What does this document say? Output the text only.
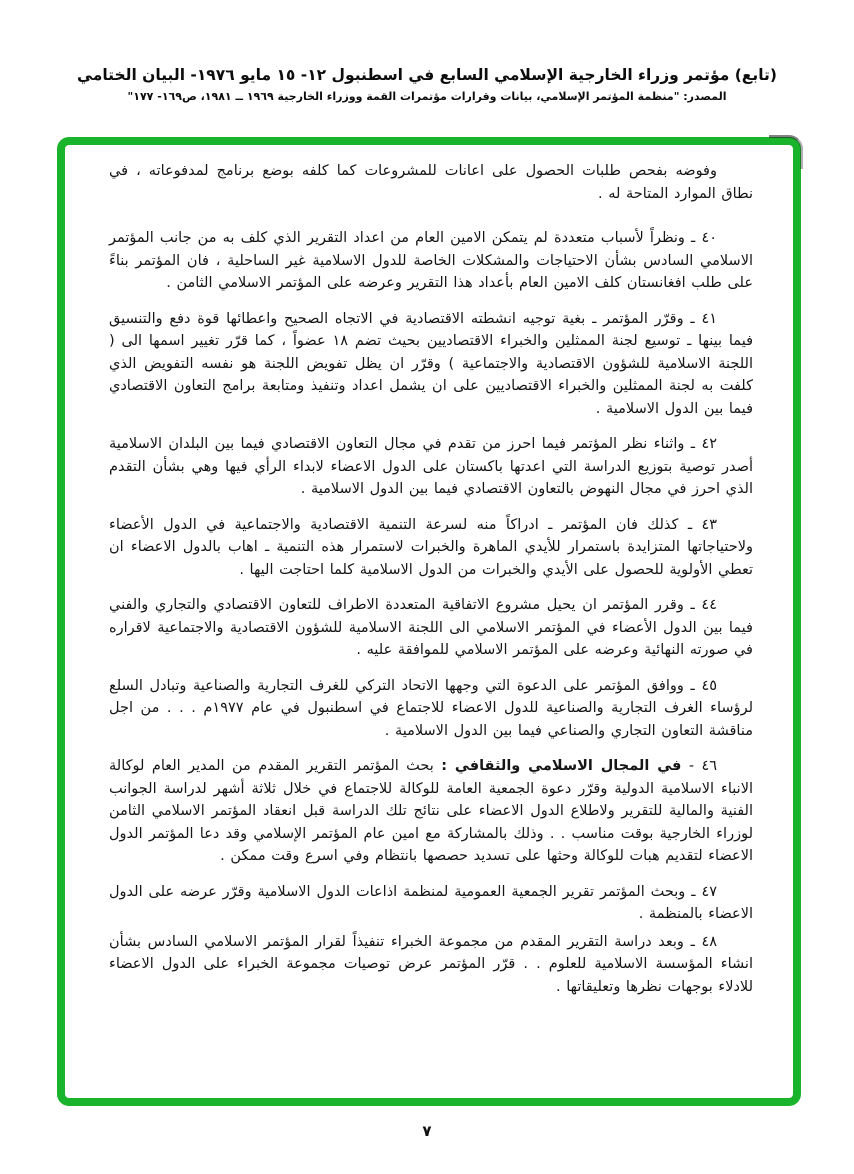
(تابع) مؤتمر وزراء الخارجية الإسلامي السابع في اسطنبول ١٢- ١٥ مايو ١٩٧٦- البيان الختامي
المصدر: "منظمة المؤتمر الإسلامي، بيانات وقرارات مؤتمرات القمة ووزراء الخارجية ١٩٦٩ ــ ١٩٨١، ص١٦٩- ١٧٧"

وفوضه بفحص طلبات الحصول على اعانات للمشروعات كما كلفه بوضع برنامج لمدفوعاته ، في نطاق الموارد المتاحة له .

٤٠ ـ ونظراً لأسباب متعددة لم يتمكن الامين العام من اعداد التقرير الذي كلف به من جانب المؤتمر الاسلامي السادس بشأن الاحتياجات والمشكلات الخاصة للدول الاسلامية غير الساحلية ، فان المؤتمر بناءً على طلب افغانستان كلف الامين العام بأعداد هذا التقرير وعرضه على المؤتمر الاسلامي الثامن .

٤١ ـ وقرّر المؤتمر ـ بغية توجيه انشطته الاقتصادية في الاتجاه الصحيح واعطائها قوة دفع والتنسيق فيما بينها ـ توسيع لجنة الممثلين والخبراء الاقتصاديين بحيث تضم ١٨ عضواً ، كما قرّر تغيير اسمها الى ( اللجنة الاسلامية للشؤون الاقتصادية والاجتماعية ) وقرّر ان يظل تفويض اللجنة هو نفسه التفويض الذي كلفت به لجنة الممثلين والخبراء الاقتصاديين على ان يشمل اعداد وتنفيذ ومتابعة برامج التعاون الاقتصادي فيما بين الدول الاسلامية .

٤٢ ـ واثناء نظر المؤتمر فيما احرز من تقدم في مجال التعاون الاقتصادي فيما بين البلدان الاسلامية أصدر توصية بتوزيع الدراسة التي اعدتها باكستان على الدول الاعضاء لابداء الرأي فيها وهي بشأن التقدم الذي احرز في مجال النهوض بالتعاون الاقتصادي فيما بين الدول الاسلامية .

٤٣ ـ كذلك فان المؤتمر ـ ادراكاً منه لسرعة التنمية الاقتصادية والاجتماعية في الدول الأعضاء ولاحتياجاتها المتزايدة باستمرار للأيدي الماهرة والخبرات لاستمرار هذه التنمية ـ اهاب بالدول الاعضاء ان تعطي الأولوية للحصول على الأيدي والخبرات من الدول الاسلامية كلما احتاجت اليها .

٤٤ ـ وقرر المؤتمر ان يحيل مشروع الاتفاقية المتعددة الاطراف للتعاون الاقتصادي والتجاري والفني فيما بين الدول الأعضاء في المؤتمر الاسلامي الى اللجنة الاسلامية للشؤون الاقتصادية والاجتماعية لاقراره في صورته النهائية وعرضه على المؤتمر الاسلامي للموافقة عليه .

٤٥ ـ ووافق المؤتمر على الدعوة التي وجهها الاتحاد التركي للغرف التجارية والصناعية وتبادل السلع لرؤساء الغرف التجارية والصناعية للدول الاعضاء للاجتماع في اسطنبول في عام ١٩٧٧م . . . من اجل مناقشة التعاون التجاري والصناعي فيما بين الدول الاسلامية .

٤٦ - في المجال الاسلامي والثقافي : بحث المؤتمر التقرير المقدم من المدير العام لوكالة الانباء الاسلامية الدولية وقرّر دعوة الجمعية العامة للوكالة للاجتماع في خلال ثلاثة أشهر لدراسة الجوانب الفنية والمالية للتقرير ولاطلاع الدول الاعضاء على نتائج تلك الدراسة قبل انعقاد المؤتمر الاسلامي الثامن لوزراء الخارجية بوقت مناسب . . وذلك بالمشاركة مع امين عام المؤتمر الإسلامي وقد دعا المؤتمر الدول الاعضاء لتقديم هبات للوكالة وحثها على تسديد حصصها بانتظام وفي اسرع وقت ممكن .

٤٧ ـ وبحث المؤتمر تقرير الجمعية العمومية لمنظمة اذاعات الدول الاسلامية وقرّر عرضه على الدول الاعضاء بالمنظمة .

٤٨ ـ وبعد دراسة التقرير المقدم من مجموعة الخبراء تنفيذاً لقرار المؤتمر الاسلامي السادس بشأن انشاء المؤسسة الاسلامية للعلوم . . قرّر المؤتمر عرض توصيات مجموعة الخبراء على الدول الاعضاء للادلاء بوجهات نظرها وتعليقاتها .

٧
